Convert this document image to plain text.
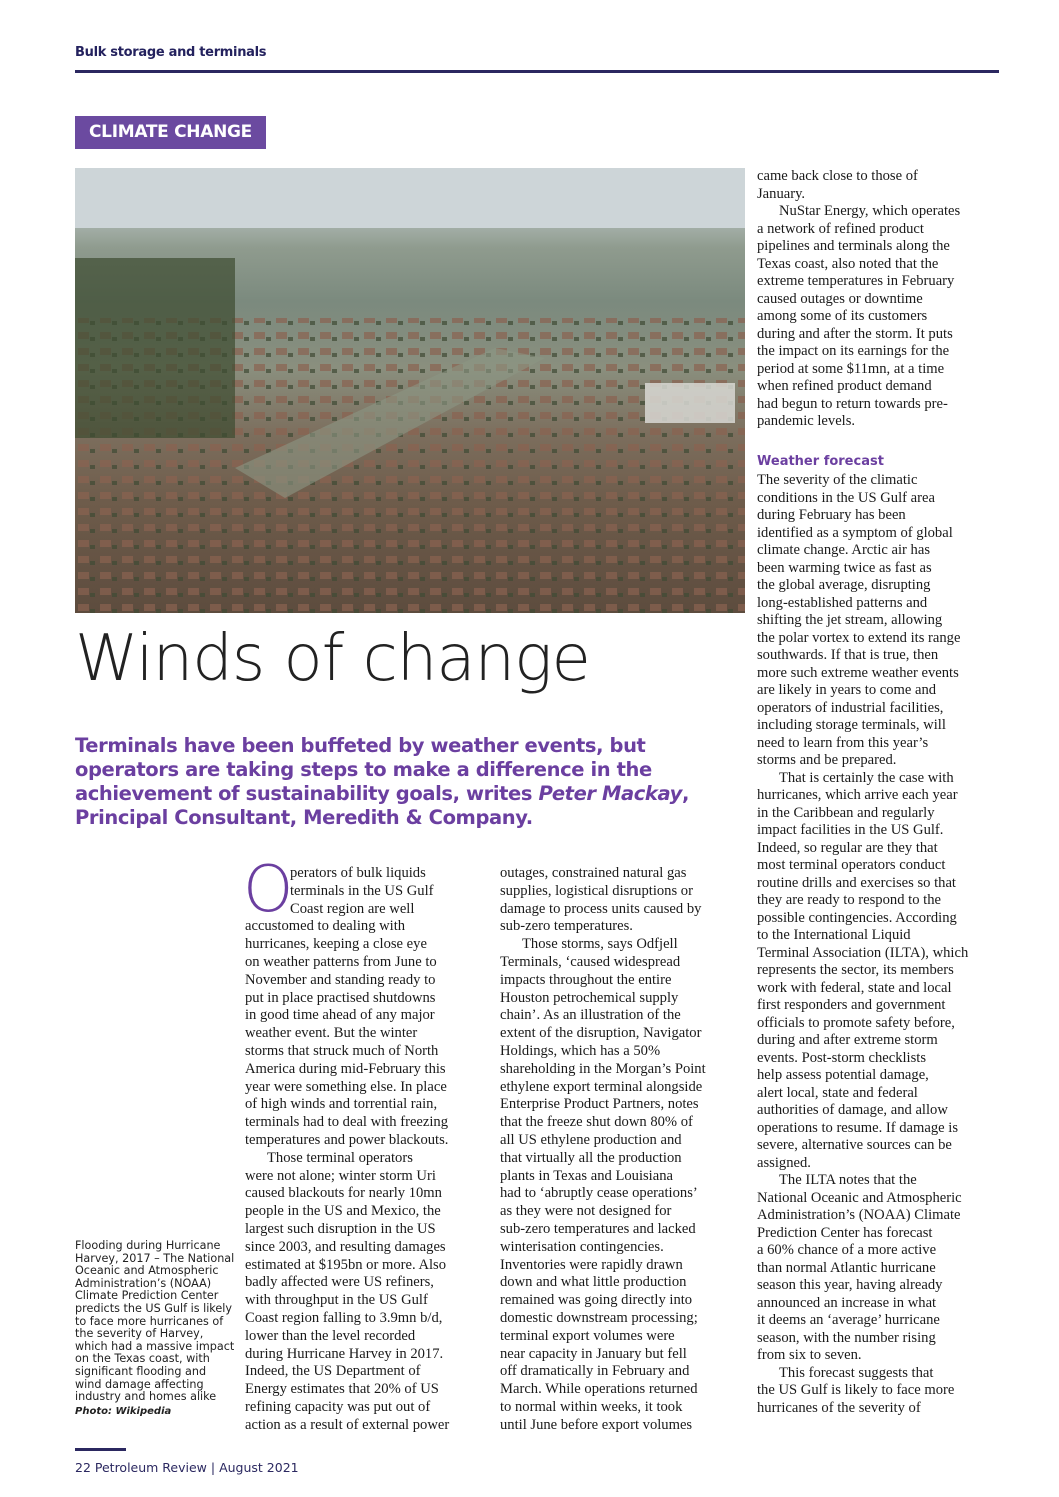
Bulk storage and terminals
CLIMATE CHANGE
Winds of change
Terminals have been buffeted by weather events, but operators are taking steps to make a difference in the achievement of sustainability goals, writes Peter Mackay, Principal Consultant, Meredith & Company.
O
perators of bulk liquids
terminals in the US Gulf
Coast region are well
accustomed to dealing with
hurricanes, keeping a close eye
on weather patterns from June to
November and standing ready to
put in place practised shutdowns
in good time ahead of any major
weather event. But the winter
storms that struck much of North
America during mid-February this
year were something else. In place
of high winds and torrential rain,
terminals had to deal with freezing
temperatures and power blackouts.
Those terminal operators
were not alone; winter storm Uri
caused blackouts for nearly 10mn
people in the US and Mexico, the
largest such disruption in the US
since 2003, and resulting damages
estimated at $195bn or more. Also
badly affected were US refiners,
with throughput in the US Gulf
Coast region falling to 3.9mn b/d,
lower than the level recorded
during Hurricane Harvey in 2017.
Indeed, the US Department of
Energy estimates that 20% of US
refining capacity was put out of
action as a result of external power
outages, constrained natural gas
supplies, logistical disruptions or
damage to process units caused by
sub-zero temperatures.
Those storms, says Odfjell
Terminals, ‘caused widespread
impacts throughout the entire
Houston petrochemical supply
chain’. As an illustration of the
extent of the disruption, Navigator
Holdings, which has a 50%
shareholding in the Morgan’s Point
ethylene export terminal alongside
Enterprise Product Partners, notes
that the freeze shut down 80% of
all US ethylene production and
that virtually all the production
plants in Texas and Louisiana
had to ‘abruptly cease operations’
as they were not designed for
sub-zero temperatures and lacked
winterisation contingencies.
Inventories were rapidly drawn
down and what little production
remained was going directly into
domestic downstream processing;
terminal export volumes were
near capacity in January but fell
off dramatically in February and
March. While operations returned
to normal within weeks, it took
until June before export volumes
came back close to those of
January.
NuStar Energy, which operates
a network of refined product
pipelines and terminals along the
Texas coast, also noted that the
extreme temperatures in February
caused outages or downtime
among some of its customers
during and after the storm. It puts
the impact on its earnings for the
period at some $11mn, at a time
when refined product demand
had begun to return towards pre-
pandemic levels.
Weather forecast
The severity of the climatic
conditions in the US Gulf area
during February has been
identified as a symptom of global
climate change. Arctic air has
been warming twice as fast as
the global average, disrupting
long-established patterns and
shifting the jet stream, allowing
the polar vortex to extend its range
southwards. If that is true, then
more such extreme weather events
are likely in years to come and
operators of industrial facilities,
including storage terminals, will
need to learn from this year’s
storms and be prepared.
That is certainly the case with
hurricanes, which arrive each year
in the Caribbean and regularly
impact facilities in the US Gulf.
Indeed, so regular are they that
most terminal operators conduct
routine drills and exercises so that
they are ready to respond to the
possible contingencies. According
to the International Liquid
Terminal Association (ILTA), which
represents the sector, its members
work with federal, state and local
first responders and government
officials to promote safety before,
during and after extreme storm
events. Post-storm checklists
help assess potential damage,
alert local, state and federal
authorities of damage, and allow
operations to resume. If damage is
severe, alternative sources can be
assigned.
The ILTA notes that the
National Oceanic and Atmospheric
Administration’s (NOAA) Climate
Prediction Center has forecast
a 60% chance of a more active
than normal Atlantic hurricane
season this year, having already
announced an increase in what
it deems an ‘average’ hurricane
season, with the number rising
from six to seven.
This forecast suggests that
the US Gulf is likely to face more
hurricanes of the severity of
Flooding during Hurricane Harvey, 2017 – The National Oceanic and Atmospheric Administration’s (NOAA) Climate Prediction Center predicts the US Gulf is likely to face more hurricanes of the severity of Harvey, which had a massive impact on the Texas coast, with significant flooding and wind damage affecting industry and homes alike
Photo: Wikipedia
22 Petroleum Review | August 2021
